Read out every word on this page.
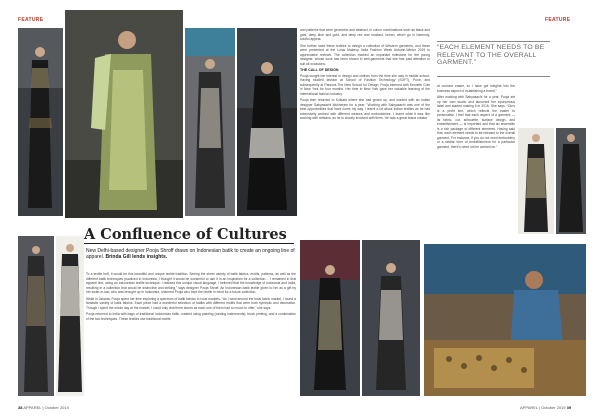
FEATURE	FEATURE
“EACH ELEMENT NEEDS TO BE RELEVANT TO THE OVERALL GARMENT.”
A Confluence of Cultures
New Delhi-based designer Pooja Shroff draws on Indonesian batik to create an ongoing line of apparel. Brinda Gill lends insights.

To a textile buff, it would be this beautiful and unique textile tradition. Seeing the sheer variety of batik fabrics, motifs, patterns, as well as the different batik techniques practiced in Indonesia, I thought it would be wonderful to use it in an inspiration for a collection… I remained in that apparel line, using an Indonesian textile technique. I realised this unique visual language. I believed that the knowledge of Indonesia and India, resulting in a collection that would be distinctive and striking,” says designer Pooja Shroff. An Indonesian batik textile given to her as a gift by her sister-in-law, who was brought up in Indonesia, charmed Pooja who kept the textile in mind for a future collection.

While in Jakarta, Pooja spent her time exploring a spectrum of batik fabrics in local markets. “As I went around the local fabric market, I found a fantastic variety of batik fabrics. Each piece had a wonderful selection of batiks with different motifs that were both symbolic and decorative. Though I spent the whole day at the market, I could only visit three stores as each one of them had so much to offer,” she says.

Pooja returned to India with bags of traditional Indonesian batik, created using painting (canting instruments), block printing, and a combination of the two techniques. These textiles use traditional motifs

and patterns that were geometric and abstract, in colour combinations such as black and gold, deep blue and gold, and deep red and mustard, brown, which go in harmony, soulful appeal.

She further used these textiles to design a collection of Western garments, and these were presented at the Lotus Makeup India Fashion Week Autumn-Winter 2019 to appreciative reviews. The collection marked an important milestone for the young designer, whose work has been shown in well-garments that she has paid attention to suit all occasions.

THE CALL OF DESIGN

Pooja sought her interest in design and clothes from the time she was in middle school. Having studied fashion at School of Fashion Technology (SOFT), Pune, and subsequently at Parsons The New School for Design, Pooja interned with Kenneth Cole in New York for four months. Her time in New York gave her valuable learning of the international fashion industry.

Pooja then returned to Kolkata where she had grown up, and worked with an Indian designer Sabyasachi Mukherjee for a year. “Working with Sabyasachi was one of the best opportunities that have come my way. I learnt a lot about Indian textiles as he has extensively worked with different weaves and embroideries. I learnt what it was like working with artisans, as he is closely involved with them. He was a great brand creator

at connect easier, so I have got insights into the business aspect of establishing a brand.”

After working with Sabyasachi for a year, Pooja set up her own studio and launched her eponymous label and started making it in 2016. She says, “Ours is a profit line, which reflects the easier to personalise. I feel that each aspect of a garment — its fabric, cut, silhouette, surface design, and embellishment — is important and that an ensemble is a rich package of different elements. Having said that, each element needs to be relevant to the overall garment. For instance, if you do not need embroidery or a similar form of embellishment for a particular garment, there’s need not be worked on.”

38 APPAREL | October 2019	APPAREL | October 2019 39
